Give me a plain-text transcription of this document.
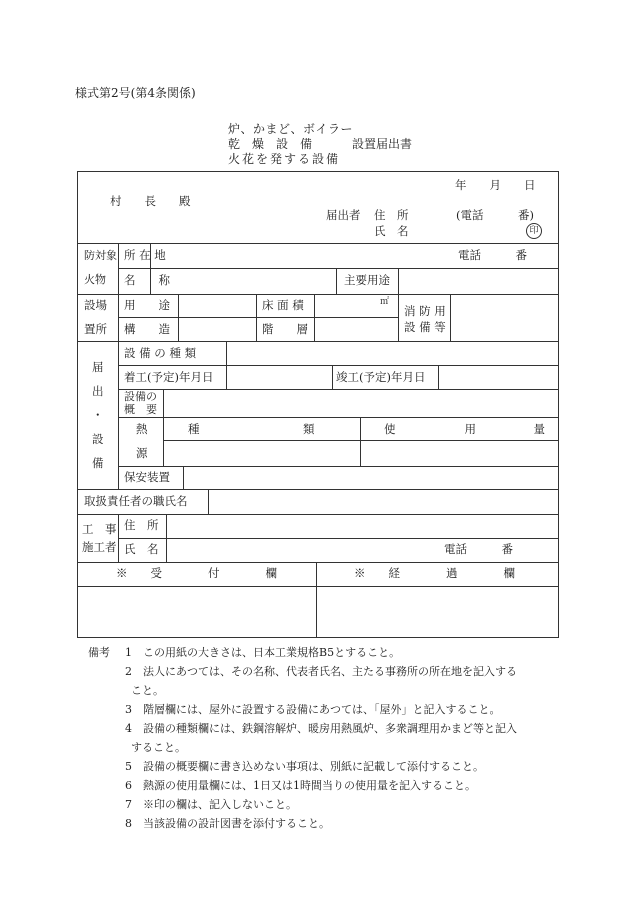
様式第2号(第4条関係)
炉、かまど、ボイラー
乾　燥　設　備
火花を発する設備
設置届出書
年　　月　　日
村　　長　　殿
届出者 住　所	(電話　　　番)
氏　名	印
防対象
火物
所 在 地	電話　　　番
名　　称	主要用途
設場
置所
用　　途	床 面 積	㎡
消 防 用
設 備 等
構　　造	階　　層
届
出
・
設
備
設 備 の 種 類
着工(予定)年月日	竣工(予定)年月日
設備の
概　要
熱
源
種　　　　　　　　　類	使　　　　　　用　　　　　量
保安装置
取扱責任者の職氏名
工　事
施工者
住　所
氏　名	電話　　　番
※　　受　　　　付　　　　欄	※　　経　　　　過　　　　欄
備考 1　この用紙の大きさは、日本工業規格B5とすること。
2　法人にあつては、その名称、代表者氏名、主たる事務所の所在地を記入する
こと。
3　階層欄には、屋外に設置する設備にあつては、「屋外」と記入すること。
4　設備の種類欄には、鉄鋼溶解炉、暖房用熱風炉、多衆調理用かまど等と記入
すること。
5　設備の概要欄に書き込めない事項は、別紙に記載して添付すること。
6　熱源の使用量欄には、1日又は1時間当りの使用量を記入すること。
7　※印の欄は、記入しないこと。
8　当該設備の設計図書を添付すること。
